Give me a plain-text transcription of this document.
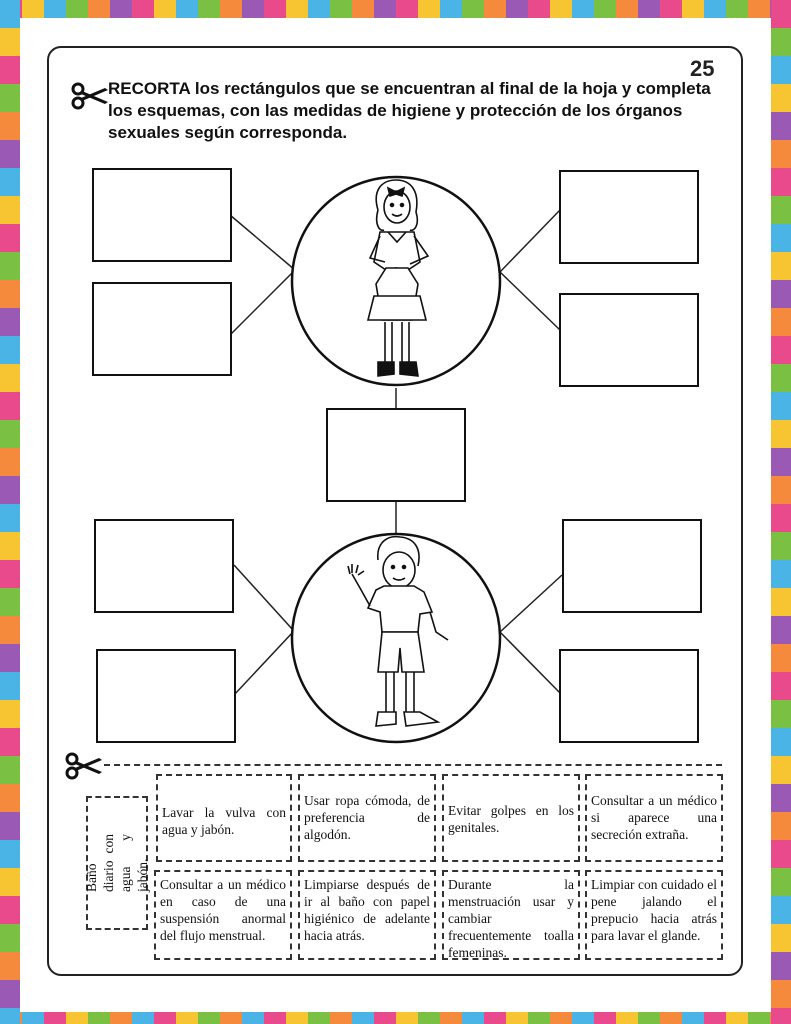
25
RECORTA los rectángulos que se encuentran al final de la hoja y completa los esquemas, con las medidas de higiene y protección de los órganos sexuales según corresponda.
Baño diario con agua y jabón.
Lavar la vulva con agua y jabón.
Usar ropa cómoda, de preferencia de algodón.
Evitar golpes en los genitales.
Consultar a un médico si aparece una secreción extraña.
Consultar a un médico en caso de una suspensión anormal del flujo menstrual.
Limpiarse después de ir al baño con papel higiénico de adelante hacia atrás.
Durante la menstruación usar y cambiar frecuentemente toalla femeninas.
Limpiar con cuidado el pene jalando el prepucio hacia atrás para lavar el glande.
